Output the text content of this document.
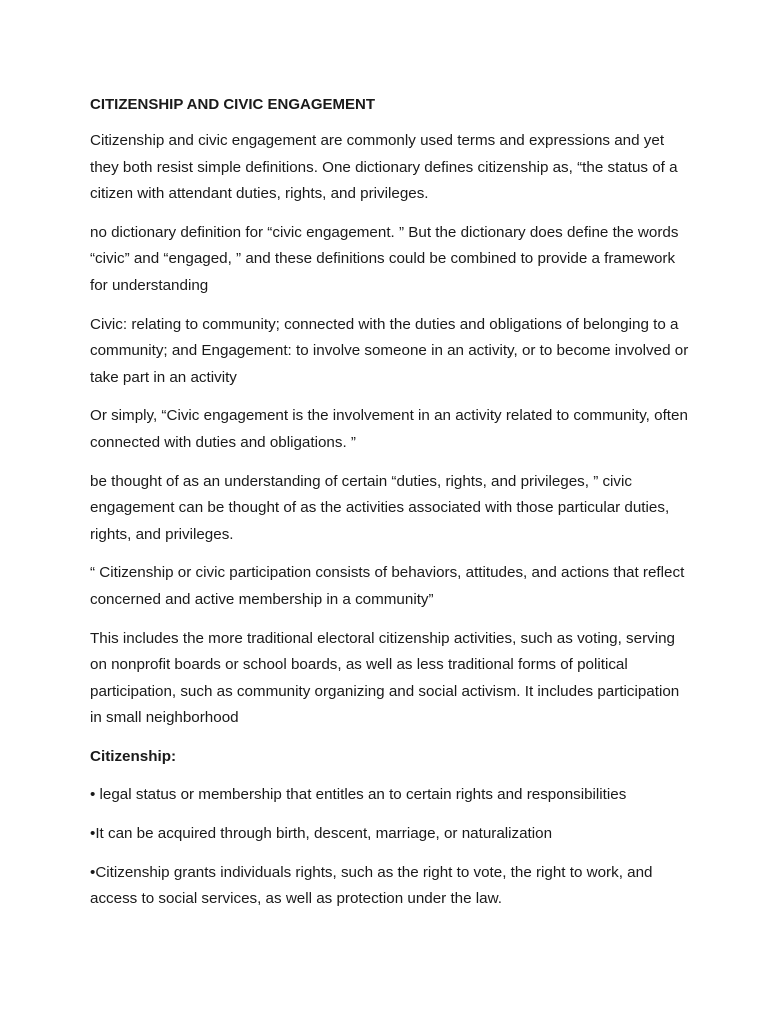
CITIZENSHIP AND CIVIC ENGAGEMENT

Citizenship and civic engagement are commonly used terms and expressions and yet they both resist simple definitions. One dictionary defines citizenship as, “the status of a citizen with attendant duties, rights, and privileges.

no dictionary definition for “civic engagement. ” But the dictionary does define the words “civic” and “engaged, ” and these definitions could be combined to provide a framework for understanding

Civic: relating to community; connected with the duties and obligations of belonging to a community; and Engagement: to involve someone in an activity, or to become involved or take part in an activity

Or simply, “Civic engagement is the involvement in an activity related to community, often connected with duties and obligations. ”

be thought of as an understanding of certain “duties, rights, and privileges, ” civic engagement can be thought of as the activities associated with those particular duties, rights, and privileges.

“ Citizenship or civic participation consists of behaviors, attitudes, and actions that reflect concerned and active membership in a community”

This includes the more traditional electoral citizenship activities, such as voting, serving on nonprofit boards or school boards, as well as less traditional forms of political participation, such as community organizing and social activism. It includes participation in small neighborhood

Citizenship:
• legal status or membership that entitles an to certain rights and responsibilities
•It can be acquired through birth, descent, marriage, or naturalization
•Citizenship grants individuals rights, such as the right to vote, the right to work, and access to social services, as well as protection under the law.
